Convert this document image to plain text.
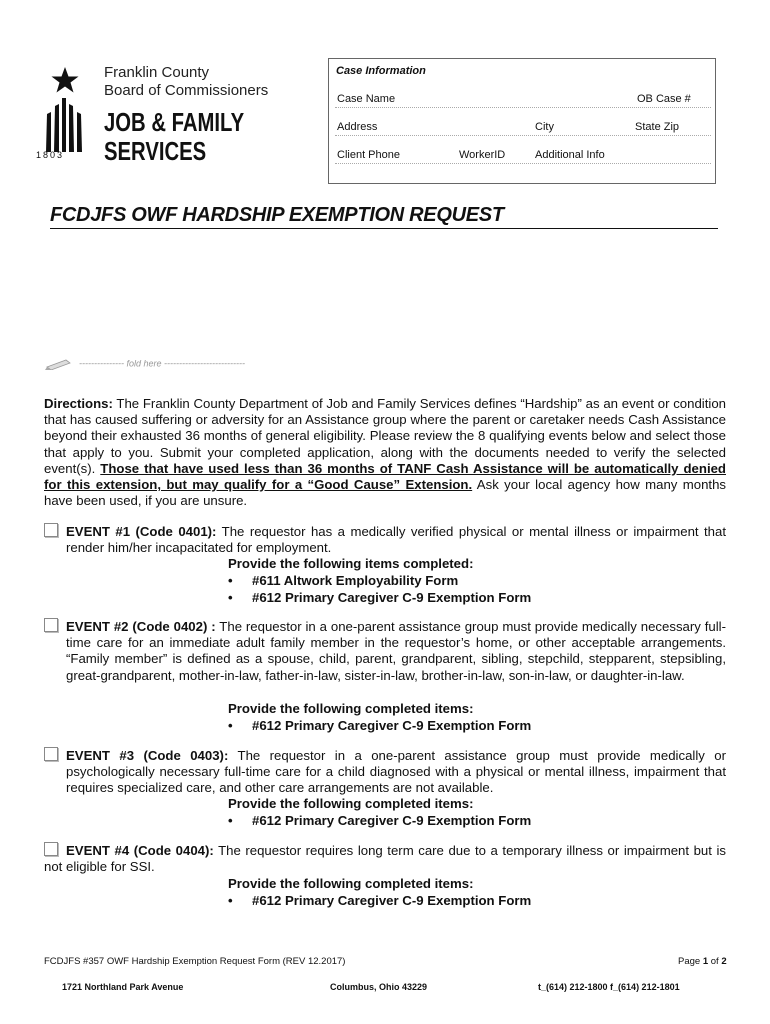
1803
Franklin County
Board of Commissioners
JOB & FAMILY
SERVICES
Case Information
Case Name	OB Case #
Address	City	State Zip
Client Phone	WorkerID	Additional Info
FCDJFS OWF HARDSHIP EXEMPTION REQUEST
--------------- fold here ---------------------------
Directions: The Franklin County Department of Job and Family Services defines “Hardship” as an event or condition that has caused suffering or adversity for an Assistance group where the parent or caretaker needs Cash Assistance beyond their exhausted 36 months of general eligibility. Please review the 8 qualifying events below and select those that apply to you. Submit your completed application, along with the documents needed to verify the selected event(s). Those that have used less than 36 months of TANF Cash Assistance will be automatically denied for this extension, but may qualify for a “Good Cause” Extension. Ask your local agency how many months have been used, if you are unsure.
EVENT #1 (Code 0401): The requestor has a medically verified physical or mental illness or impairment that render him/her incapacitated for employment.
Provide the following items completed:
• #611 Altwork Employability Form
• #612 Primary Caregiver C-9 Exemption Form
EVENT #2 (Code 0402) : The requestor in a one-parent assistance group must provide medically necessary full-time care for an immediate adult family member in the requestor’s home, or other acceptable arrangements. “Family member” is defined as a spouse, child, parent, grandparent, sibling, stepchild, stepparent, stepsibling, great-grandparent, mother-in-law, father-in-law, sister-in-law, brother-in-law, son-in-law, or daughter-in-law.
Provide the following completed items:
• #612 Primary Caregiver C-9 Exemption Form
EVENT #3 (Code 0403): The requestor in a one-parent assistance group must provide medically or psychologically necessary full-time care for a child diagnosed with a physical or mental illness, impairment that requires specialized care, and other care arrangements are not available.
Provide the following completed items:
• #612 Primary Caregiver C-9 Exemption Form
EVENT #4 (Code 0404): The requestor requires long term care due to a temporary illness or impairment but is not eligible for SSI.
Provide the following completed items:
• #612 Primary Caregiver C-9 Exemption Form
FCDJFS #357 OWF Hardship Exemption Request Form (REV 12.2017)	Page 1 of 2
1721 Northland Park Avenue	Columbus, Ohio 43229	t_(614) 212-1800 f_(614) 212-1801
